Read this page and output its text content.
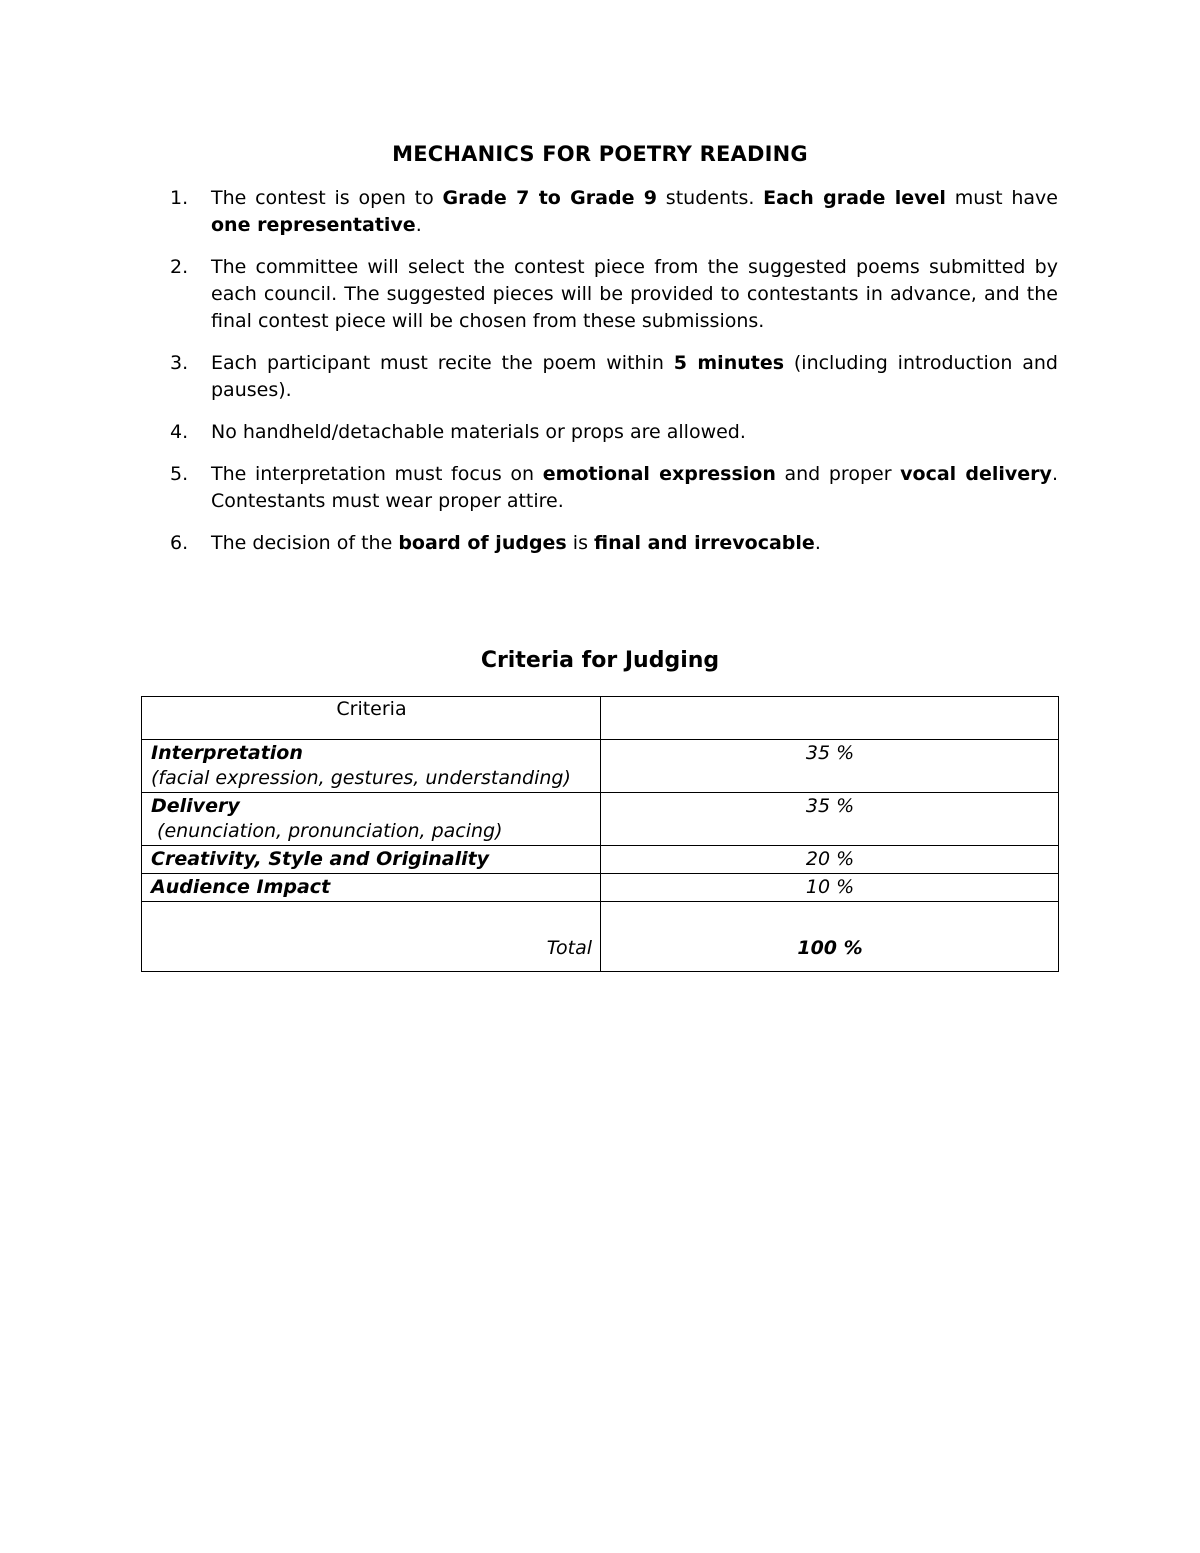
MECHANICS FOR POETRY READING
1.	The contest is open to Grade 7 to Grade 9 students. Each grade level must have one representative.
2.	The committee will select the contest piece from the suggested poems submitted by each council. The suggested pieces will be provided to contestants in advance, and the final contest piece will be chosen from these submissions.
3.	Each participant must recite the poem within 5 minutes (including introduction and pauses).
4.	No handheld/detachable materials or props are allowed.
5.	The interpretation must focus on emotional expression and proper vocal delivery. Contestants must wear proper attire.
6.	The decision of the board of judges is final and irrevocable.
Criteria for Judging
Criteria	

Interpretation
(facial expression, gestures, understanding)	35 %

Delivery
(enunciation, pronunciation, pacing)	35 %

Creativity, Style and Originality	20 %

Audience Impact	10 %
Total	100 %
